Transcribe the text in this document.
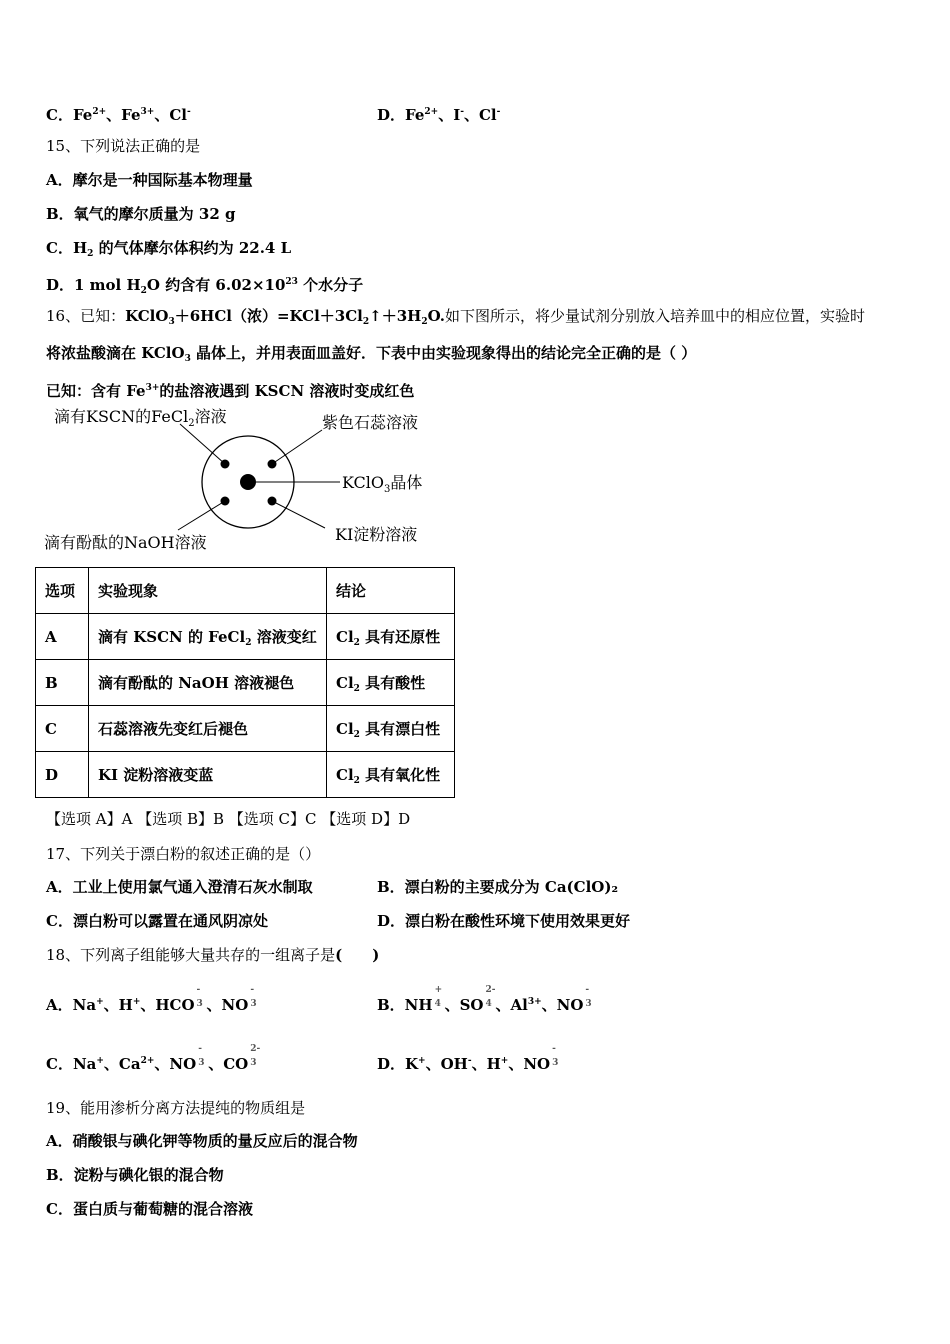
C．$Fe^{2+}$、$Fe^{3+}$、Cl-	D．$Fe^{2+}$、I-、Cl-
15、下列说法正确的是
A．摩尔是一种国际基本物理量
B．氧气的摩尔质量为 32 g
C．$H_2$ 的气体摩尔体积约为 22.4 L
D．1 mol $H_2O$ 约含有 $6.02\times 10^{23}$ 个水分子
16、已知：KClO$_3$＋6HCl（浓）$=KCl+3Cl_2↑+3H_2O$.如下图所示，将少量试剂分别放入培养皿中的相应位置，实验时
将浓盐酸滴在 KClO$_3$ 晶体上，并用表面皿盖好．下表中由实验现象得出的结论完全正确的是（ ）
已知：含有 $Fe^{3+}$的盐溶液遇到 KSCN 溶液时变成红色
滴有KSCN的FeCl$_2$溶液	紫色石蕊溶液
KClO$_3$晶体
KI淀粉溶液
滴有酚酞的NaOH溶液
选项	实验现象	结论
A	滴有 KSCN 的 FeCl$_2$ 溶液变红	$Cl_2$ 具有还原性
B	滴有酚酞的 NaOH 溶液褪色	$Cl_2$ 具有酸性
C	石蕊溶液先变红后褪色	$Cl_2$ 具有漂白性
D	KI 淀粉溶液变蓝	$Cl_2$ 具有氧化性
【选项 A】A 【选项 B】B 【选项 C】C 【选项 D】D
17、下列关于漂白粉的叙述正确的是（）
A．工业上使用氯气通入澄清石灰水制取	B．漂白粉的主要成分为 Ca(ClO)₂
C．漂白粉可以露置在通风阴凉处	D．漂白粉在酸性环境下使用效果更好
18、下列离子组能够大量共存的一组离子是(　　)
A．Na+、H+、HCO
-
3 、NO
-
3	B．NH
+
4 、SO
2-
4 、$Al^{3+}$、NO
-
3
C．Na+、$Ca^{2+}$、NO
-
3 、CO
2-
3	D．K+、OH-、H+、NO
-
3
19、能用渗析分离方法提纯的物质组是
A．硝酸银与碘化钾等物质的量反应后的混合物
B．淀粉与碘化银的混合物
C．蛋白质与葡萄糖的混合溶液
